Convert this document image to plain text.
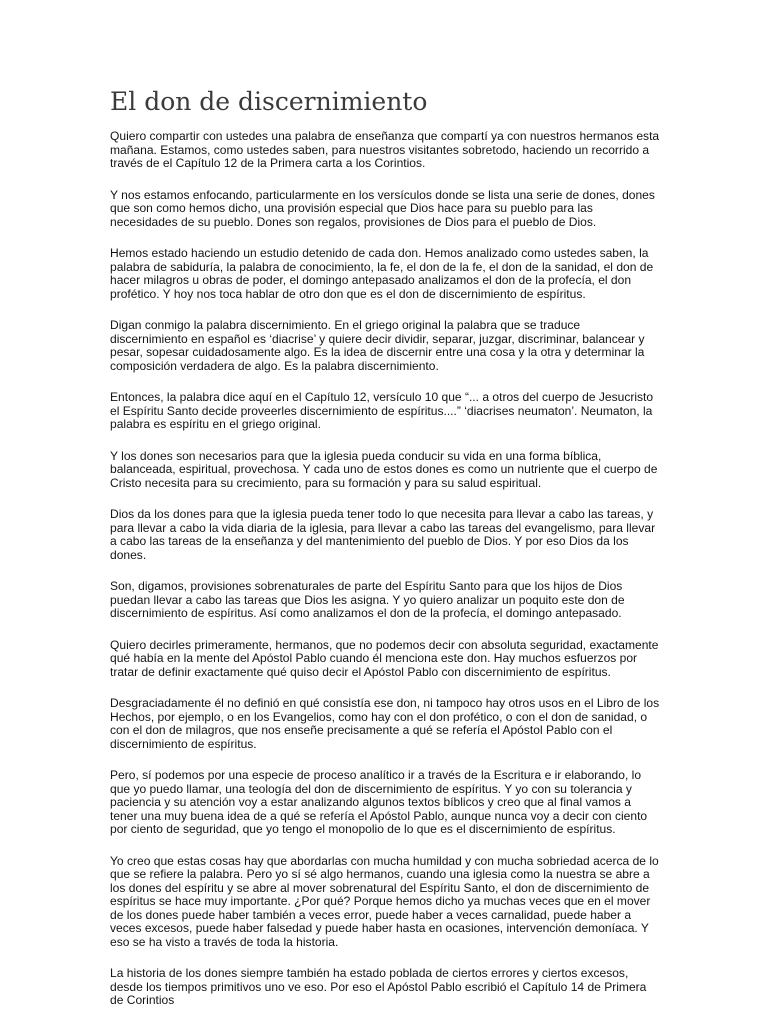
El don de discernimiento

Quiero compartir con ustedes una palabra de enseñanza que compartí ya con nuestros hermanos esta mañana. Estamos, como ustedes saben, para nuestros visitantes sobretodo, haciendo un recorrido a través de el Capítulo 12 de la Primera carta a los Corintios.

Y nos estamos enfocando, particularmente en los versículos donde se lista una serie de dones, dones que son como hemos dicho, una provisión especial que Dios hace para su pueblo para las necesidades de su pueblo. Dones son regalos, provisiones de Dios para el pueblo de Dios.

Hemos estado haciendo un estudio detenido de cada don. Hemos analizado como ustedes saben, la palabra de sabiduría, la palabra de conocimiento, la fe, el don de la fe, el don de la sanidad, el don de hacer milagros u obras de poder, el domingo antepasado analizamos el don de la profecía, el don profético. Y hoy nos toca hablar de otro don que es el don de discernimiento de espíritus.

Digan conmigo la palabra discernimiento. En el griego original la palabra que se traduce discernimiento en español es ‘diacrise’ y quiere decir dividir, separar, juzgar, discriminar, balancear y pesar, sopesar cuidadosamente algo. Es la idea de discernir entre una cosa y la otra y determinar la composición verdadera de algo. Es la palabra discernimiento.

Entonces, la palabra dice aquí en el Capítulo 12, versículo 10 que “... a otros del cuerpo de Jesucristo el Espíritu Santo decide proveerles discernimiento de espíritus....” ‘diacrises neumaton’. Neumaton, la palabra es espíritu en el griego original.

Y los dones son necesarios para que la iglesia pueda conducir su vida en una forma bíblica, balanceada, espiritual, provechosa. Y cada uno de estos dones es como un nutriente que el cuerpo de Cristo necesita para su crecimiento, para su formación y para su salud espiritual.

Dios da los dones para que la iglesia pueda tener todo lo que necesita para llevar a cabo las tareas, y para llevar a cabo la vida diaria de la iglesia, para llevar a cabo las tareas del evangelismo, para llevar a cabo las tareas de la enseñanza y del mantenimiento del pueblo de Dios. Y por eso Dios da los dones.

Son, digamos, provisiones sobrenaturales de parte del Espíritu Santo para que los hijos de Dios puedan llevar a cabo las tareas que Dios les asigna. Y yo quiero analizar un poquito este don de discernimiento de espíritus. Así como analizamos el don de la profecía, el domingo antepasado.

Quiero decirles primeramente, hermanos, que no podemos decir con absoluta seguridad, exactamente qué había en la mente del Apóstol Pablo cuando él menciona este don. Hay muchos esfuerzos por tratar de definir exactamente qué quiso decir el Apóstol Pablo con discernimiento de espíritus.

Desgraciadamente él no definió en qué consistía ese don, ni tampoco hay otros usos en el Libro de los Hechos, por ejemplo, o en los Evangelios, como hay con el don profético, o con el don de sanidad, o con el don de milagros, que nos enseñe precisamente a qué se refería el Apóstol Pablo con el discernimiento de espíritus.

Pero, sí podemos por una especie de proceso analítico ir a través de la Escritura e ir elaborando, lo que yo puedo llamar, una teología del don de discernimiento de espíritus. Y yo con su tolerancia y paciencia y su atención voy a estar analizando algunos textos bíblicos y creo que al final vamos a tener una muy buena idea de a qué se refería el Apóstol Pablo, aunque nunca voy a decir con ciento por ciento de seguridad, que yo tengo el monopolio de lo que es el discernimiento de espíritus.

Yo creo que estas cosas hay que abordarlas con mucha humildad y con mucha sobriedad acerca de lo que se refiere la palabra. Pero yo sí sé algo hermanos, cuando una iglesia como la nuestra se abre a los dones del espíritu y se abre al mover sobrenatural del Espíritu Santo, el don de discernimiento de espíritus se hace muy importante. ¿Por qué? Porque hemos dicho ya muchas veces que en el mover de los dones puede haber también a veces error, puede haber a veces carnalidad, puede haber a veces excesos, puede haber falsedad y puede haber hasta en ocasiones, intervención demoníaca. Y eso se ha visto a través de toda la historia.

La historia de los dones siempre también ha estado poblada de ciertos errores y ciertos excesos, desde los tiempos primitivos uno ve eso. Por eso el Apóstol Pablo escribió el Capítulo 14 de Primera de Corintios
